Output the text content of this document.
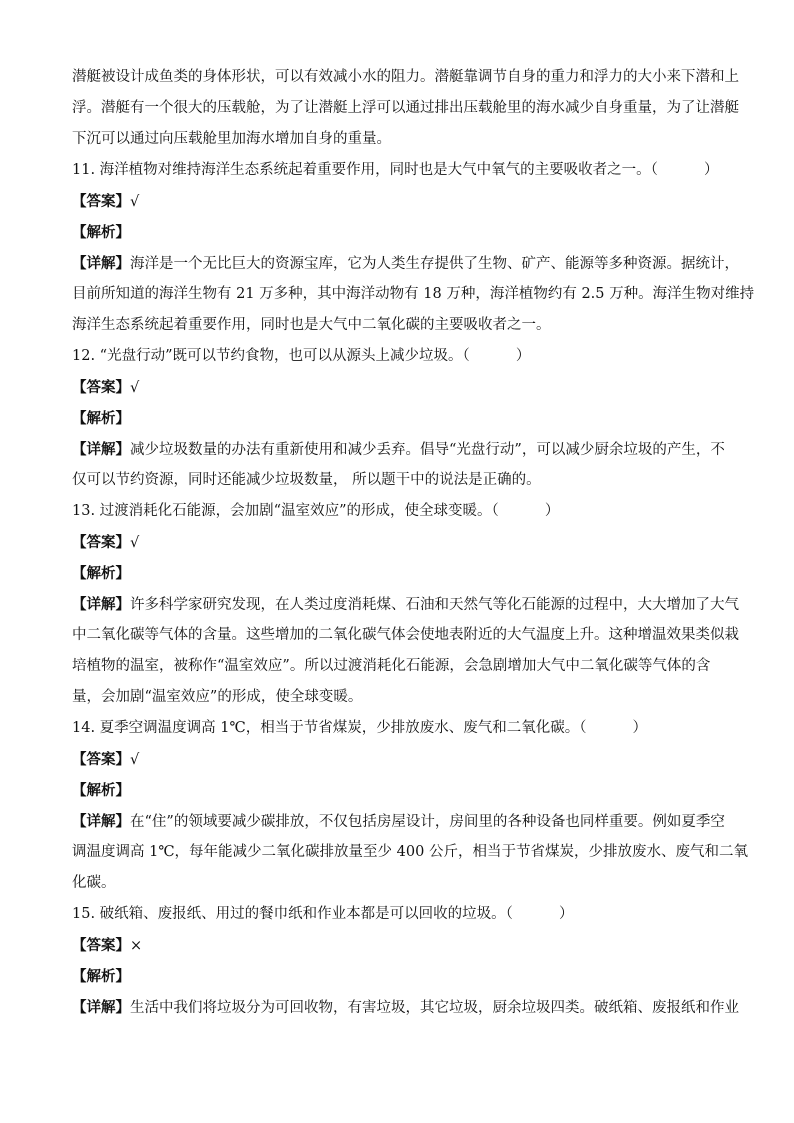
潜艇被设计成鱼类的身体形状，可以有效减小水的阻力。潜艇靠调节自身的重力和浮力的大小来下潜和上
浮。潜艇有一个很大的压载舱，为了让潜艇上浮可以通过排出压载舱里的海水减少自身重量，为了让潜艇
下沉可以通过向压载舱里加海水增加自身的重量。
11. 海洋植物对维持海洋生态系统起着重要作用，同时也是大气中氧气的主要吸收者之一。（          ）
【答案】√
【解析】
【详解】海洋是一个无比巨大的资源宝库，它为人类生存提供了生物、矿产、能源等多种资源。据统计，
目前所知道的海洋生物有 21 万多种，其中海洋动物有 18 万种，海洋植物约有 2.5 万种。海洋生物对维持
海洋生态系统起着重要作用，同时也是大气中二氧化碳的主要吸收者之一。
12. “光盘行动”既可以节约食物，也可以从源头上减少垃圾。（          ）
【答案】√
【解析】
【详解】减少垃圾数量的办法有重新使用和减少丢弃。倡导“光盘行动”，可以减少厨余垃圾的产生，不
仅可以节约资源，同时还能减少垃圾数量， 所以题干中的说法是正确的。
13. 过渡消耗化石能源，会加剧“温室效应”的形成，使全球变暖。（          ）
【答案】√
【解析】
【详解】许多科学家研究发现，在人类过度消耗煤、石油和天然气等化石能源的过程中，大大增加了大气
中二氧化碳等气体的含量。这些增加的二氧化碳气体会使地表附近的大气温度上升。这种增温效果类似栽
培植物的温室，被称作“温室效应”。所以过渡消耗化石能源，会急剧增加大气中二氧化碳等气体的含
量，会加剧“温室效应”的形成，使全球变暖。
14. 夏季空调温度调高 1℃，相当于节省煤炭，少排放废水、废气和二氧化碳。（          ）
【答案】√
【解析】
【详解】在“住”的领域要减少碳排放，不仅包括房屋设计，房间里的各种设备也同样重要。例如夏季空
调温度调高 1℃，每年能减少二氧化碳排放量至少 400 公斤，相当于节省煤炭，少排放废水、废气和二氧
化碳。
15. 破纸箱、废报纸、用过的餐巾纸和作业本都是可以回收的垃圾。（          ）
【答案】×
【解析】
【详解】生活中我们将垃圾分为可回收物，有害垃圾，其它垃圾，厨余垃圾四类。破纸箱、废报纸和作业
